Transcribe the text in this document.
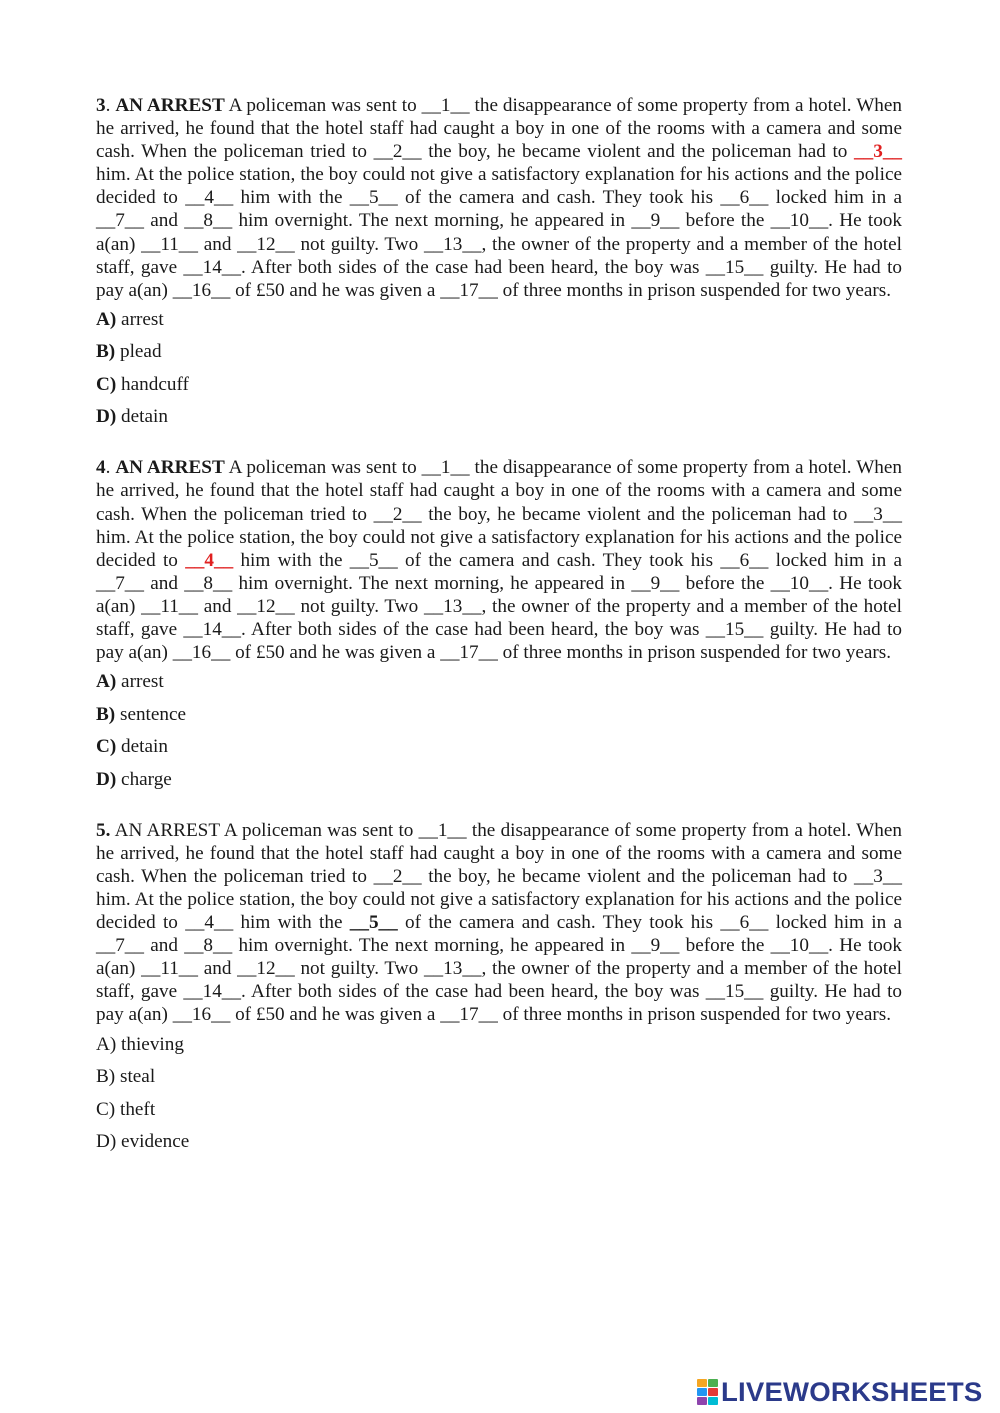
3. AN ARREST A policeman was sent to __1__ the disappearance of some property from a hotel. When he arrived, he found that the hotel staff had caught a boy in one of the rooms with a camera and some cash. When the policeman tried to __2__ the boy, he became violent and the policeman had to __3__ him. At the police station, the boy could not give a satisfactory explanation for his actions and the police decided to __4__ him with the __5__ of the camera and cash. They took his __6__ locked him in a __7__ and __8__ him overnight. The next morning, he appeared in __9__ before the __10__. He took a(an) __11__ and __12__ not guilty. Two __13__, the owner of the property and a member of the hotel staff, gave __14__. After both sides of the case had been heard, the boy was __15__ guilty. He had to pay a(an) __16__ of £50 and he was given a __17__ of three months in prison suspended for two years.

A) arrest
B) plead
C) handcuff
D) detain

4. AN ARREST A policeman was sent to __1__ the disappearance of some property from a hotel. When he arrived, he found that the hotel staff had caught a boy in one of the rooms with a camera and some cash. When the policeman tried to __2__ the boy, he became violent and the policeman had to __3__ him. At the police station, the boy could not give a satisfactory explanation for his actions and the police decided to __4__ him with the __5__ of the camera and cash. They took his __6__ locked him in a __7__ and __8__ him overnight. The next morning, he appeared in __9__ before the __10__. He took a(an) __11__ and __12__ not guilty. Two __13__, the owner of the property and a member of the hotel staff, gave __14__. After both sides of the case had been heard, the boy was __15__ guilty. He had to pay a(an) __16__ of £50 and he was given a __17__ of three months in prison suspended for two years.

A) arrest
B) sentence
C) detain
D) charge

5. AN ARREST A policeman was sent to __1__ the disappearance of some property from a hotel. When he arrived, he found that the hotel staff had caught a boy in one of the rooms with a camera and some cash. When the policeman tried to __2__ the boy, he became violent and the policeman had to __3__ him. At the police station, the boy could not give a satisfactory explanation for his actions and the police decided to __4__ him with the __5__ of the camera and cash. They took his __6__ locked him in a __7__ and __8__ him overnight. The next morning, he appeared in __9__ before the __10__. He took a(an) __11__ and __12__ not guilty. Two __13__, the owner of the property and a member of the hotel staff, gave __14__. After both sides of the case had been heard, the boy was __15__ guilty. He had to pay a(an) __16__ of £50 and he was given a __17__ of three months in prison suspended for two years.

A) thieving
B) steal
C) theft
D) evidence
LIVEWORKSHEETS
